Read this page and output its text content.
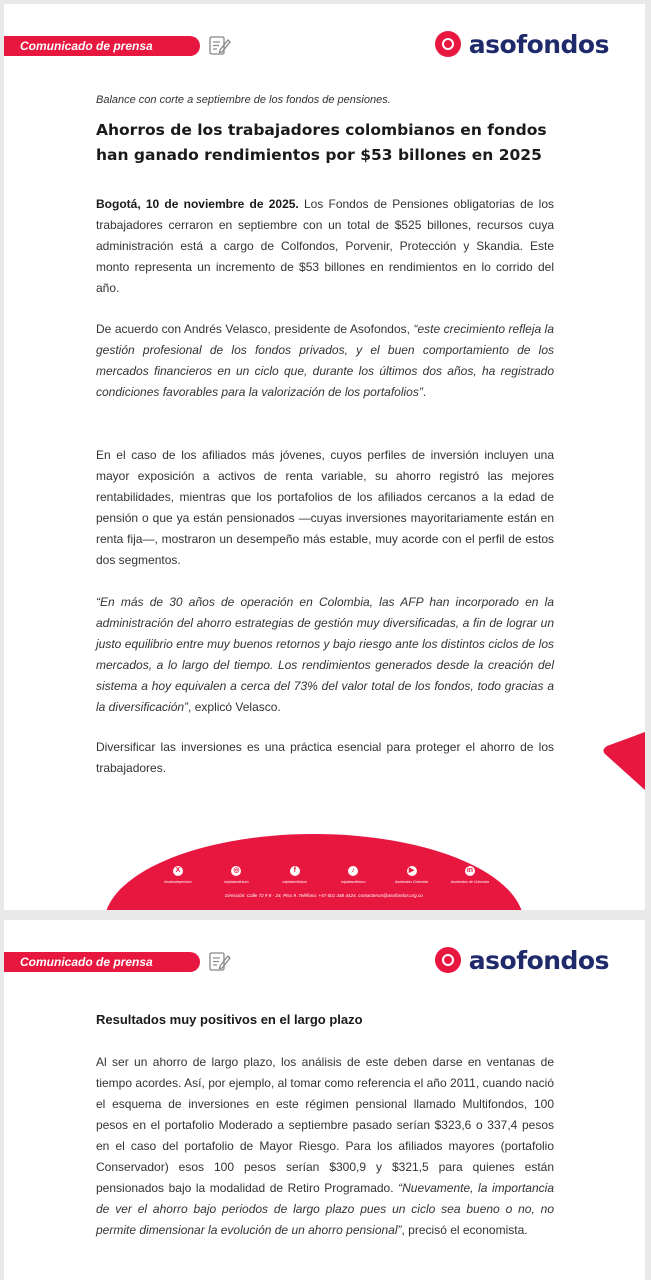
Comunicado de prensa	asofondos
Balance con corte a septiembre de los fondos de pensiones.
Ahorros de los trabajadores colombianos en fondos
han ganado rendimientos por $53 billones en 2025

Bogotá, 10 de noviembre de 2025. Los Fondos de Pensiones obligatorias de los trabajadores cerraron en septiembre con un total de $525 billones, recursos cuya administración está a cargo de Colfondos, Porvenir, Protección y Skandia. Este monto representa un incremento de $53 billones en rendimientos en lo corrido del año.

De acuerdo con Andrés Velasco, presidente de Asofondos, “este crecimiento refleja la gestión profesional de los fondos privados, y el buen comportamiento de los mercados financieros en un ciclo que, durante los últimos dos años, ha registrado condiciones favorables para la valorización de los portafolios”.

En el caso de los afiliados más jóvenes, cuyos perfiles de inversión incluyen una mayor exposición a activos de renta variable, su ahorro registró las mejores rentabilidades, mientras que los portafolios de los afiliados cercanos a la edad de pensión o que ya están pensionados —cuyas inversiones mayoritariamente están en renta fija—, mostraron un desempeño más estable, muy acorde con el perfil de estos dos segmentos.

“En más de 30 años de operación en Colombia, las AFP han incorporado en la administración del ahorro estrategias de gestión muy diversificadas, a fin de lograr un justo equilibrio entre muy buenos retornos y bajo riesgo ante los distintos ciclos de los mercados, a lo largo del tiempo. Los rendimientos generados desde la creación del sistema a hoy equivalen a cerca del 73% del valor total de los fondos, todo gracias a la diversificación”, explicó Velasco.

Diversificar las inversiones es una práctica esencial para proteger el ahorro de los trabajadores.

X
fondosdepension
◎
miplatamifuturo
f
miplatamifuturo
♪
miplatamifuturo
▶
Asofondos Colombia
in
Asofondos de Colombia
Dirección: Calle 72 # 8 - 24, Piso 9. Teléfono: +57 601 348 4424. contactenos@asofondos.org.co
Comunicado de prensa	asofondos
Resultados muy positivos en el largo plazo

Al ser un ahorro de largo plazo, los análisis de este deben darse en ventanas de tiempo acordes. Así, por ejemplo, al tomar como referencia el año 2011, cuando nació el esquema de inversiones en este régimen pensional llamado Multifondos, 100 pesos en el portafolio Moderado a septiembre pasado serían $323,6 o 337,4 pesos en el caso del portafolio de Mayor Riesgo. Para los afiliados mayores (portafolio Conservador) esos 100 pesos serían $300,9 y $321,5 para quienes están pensionados bajo la modalidad de Retiro Programado. “Nuevamente, la importancia de ver el ahorro bajo periodos de largo plazo pues un ciclo sea bueno o no, no permite dimensionar la evolución de un ahorro pensional”, precisó el economista.
